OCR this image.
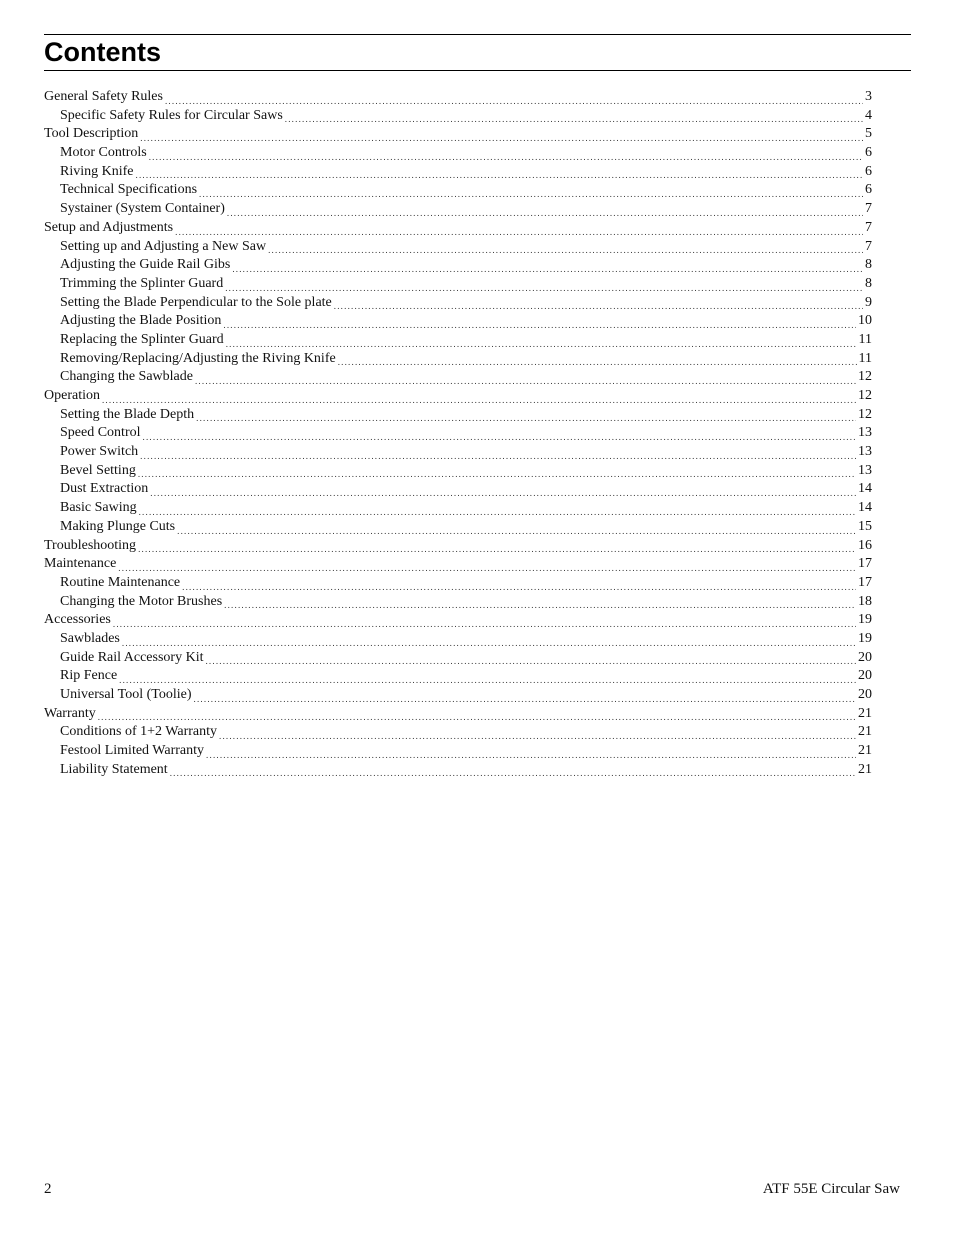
Contents
General Safety Rules .....	3
Specific Safety Rules for Circular Saws .....	4
Tool Description .....	5
Motor Controls .....	6
Riving Knife .....	6
Technical Specifications .....	6
Systainer (System Container) .....	7
Setup and Adjustments .....	7
Setting up and Adjusting a New Saw .....	7
Adjusting the Guide Rail Gibs .....	8
Trimming the Splinter Guard .....	8
Setting the Blade Perpendicular to the Sole plate .....	9
Adjusting the Blade Position .....	10
Replacing the Splinter Guard .....	11
Removing/Replacing/Adjusting the Riving Knife .....	11
Changing the Sawblade .....	12
Operation .....	12
Setting the Blade Depth .....	12
Speed Control .....	13
Power Switch .....	13
Bevel Setting .....	13
Dust Extraction .....	14
Basic Sawing .....	14
Making Plunge Cuts .....	15
Troubleshooting .....	16
Maintenance .....	17
Routine Maintenance .....	17
Changing the Motor Brushes .....	18
Accessories .....	19
Sawblades .....	19
Guide Rail Accessory Kit .....	20
Rip Fence .....	20
Universal Tool (Toolie) .....	20
Warranty .....	21
Conditions of 1+2 Warranty .....	21
Festool Limited Warranty .....	21
Liability Statement .....	21
2	ATF 55E Circular Saw
